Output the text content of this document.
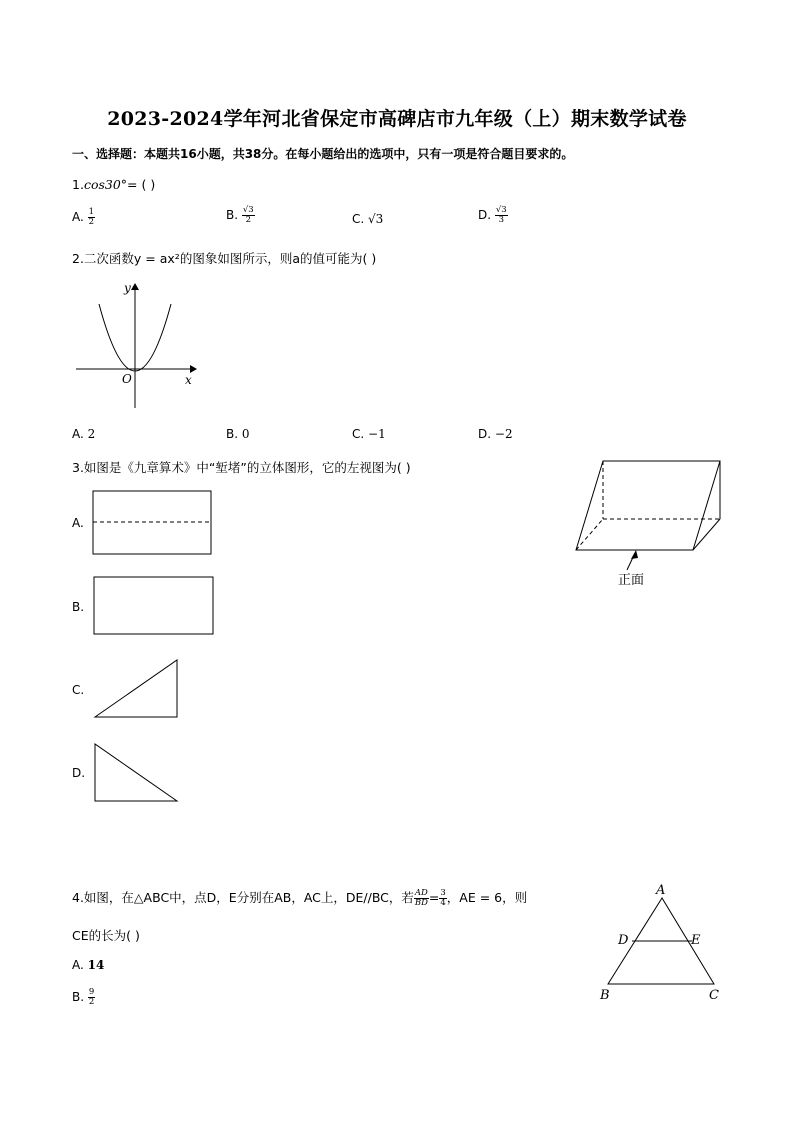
2023-2024学年河北省保定市高碑店市九年级（上）期末数学试卷
一、选择题：本题共16小题，共38分。在每小题给出的选项中，只有一项是符合题目要求的。
1.cos30°= ( )
A. $\frac{1}{2}$	B. $\frac{√3}{2}$	C. √3	D. $\frac{√3}{3}$
2.二次函数y = ax²的图象如图所示，则a的值可能为( )
y
x
O
A. 2	B. 0	C. −1	D. −2
3.如图是《九章算术》中“堑堵”的立体图形，它的左视图为( )
正面
A.
B.
C.
D.
4.如图，在△ABC中，点D，E分别在AB，AC上，DE//BC，若 $\frac{AD}{BD} = \frac{3}{4}$ ，AE = 6，则
CE的长为( )
A
D	E
B	C
A. 14
B. $\frac{9}{2}$
